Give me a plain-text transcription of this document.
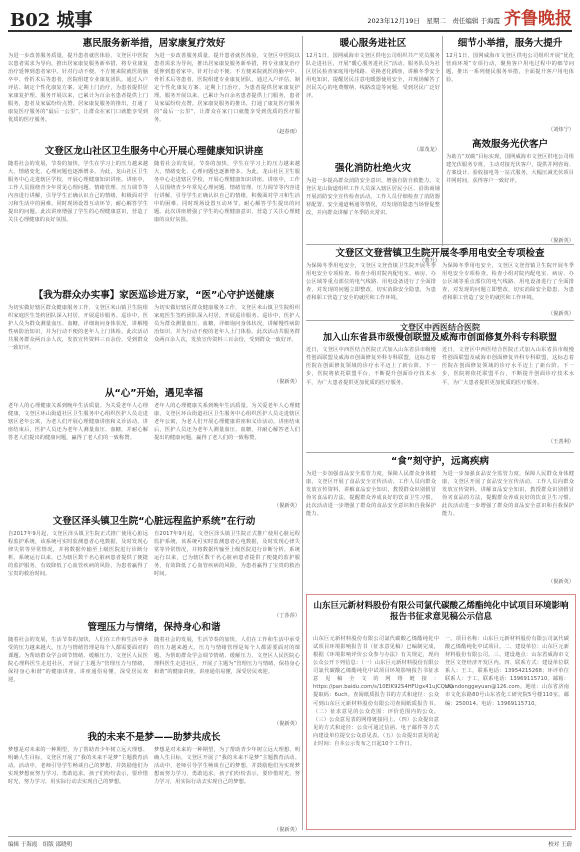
B02 城事	2023年12月19日　星期二　责任编辑 于海霞 齐鲁晚报
惠民服务新举措，居家康复疗效好
为进一步改善服务质量，提升患者就医体验，文登区中医院以患者需求为导向，推出居家康复服务新举措，将专业康复治疗延伸到患者家中。针对行动不便、不方便来院就医的脑卒中、骨折术后等患者，医院组建专业康复团队，通过入户评估、制定个性化康复方案、定期上门治疗，为患者提供居家康复护理。服务开展以来，已累计为百余名患者提供上门服务，患者及家属纷纷点赞。居家康复服务的推出，打通了康复医疗服务的“最后一公里”，让群众在家门口就能享受到优质的医疗服务。
为进一步改善服务质量，提升患者就医体验，文登区中医院以患者需求为导向，推出居家康复服务新举措，将专业康复治疗延伸到患者家中。针对行动不便、不方便来院就医的脑卒中、骨折术后等患者，医院组建专业康复团队，通过入户评估、制定个性化康复方案、定期上门治疗，为患者提供居家康复护理。服务开展以来，已累计为百余名患者提供上门服务，患者及家属纷纷点赞。居家康复服务的推出，打通了康复医疗服务的“最后一公里”，让群众在家门口就能享受到优质的医疗服务。
（赵春雨）
文登区龙山社区卫生服务中心开展心理健康知识讲座
随着社会的发展，节奏的加快，学生在学习上的压力越来越大，情绪变化、心理问题也逐渐增多。为此，龙山社区卫生服务中心走进辖区学校，开展心理健康知识讲座。讲座中，工作人员围绕青少年常见心理问题、情绪管理、压力调节等内容进行讲解，引导学生正确认识自己的情绪，积极面对学习和生活中的困难。同时现场设置互动环节，耐心解答学生提出的问题。此次讲座增强了学生的心理健康意识，营造了关注心理健康的良好氛围。
随着社会的发展，节奏的加快，学生在学习上的压力越来越大，情绪变化、心理问题也逐渐增多。为此，龙山社区卫生服务中心走进辖区学校，开展心理健康知识讲座。讲座中，工作人员围绕青少年常见心理问题、情绪管理、压力调节等内容进行讲解，引导学生正确认识自己的情绪，积极面对学习和生活中的困难。同时现场设置互动环节，耐心解答学生提出的问题。此次讲座增强了学生的心理健康意识，营造了关注心理健康的良好氛围。
【我为群众办实事】家医巡诊进万家，“医”心守护送健康
为切实做好辖区群众健康服务工作，文登区米山镇卫生院组织家庭医生签约团队深入村居，开展巡诊服务。巡诊中，医护人员为群众测量血压、血糖，详细询问身体状况，讲解慢性病防治知识，并为行动不便的老年人上门体检。此次活动共服务群众两百余人次，发放宣传资料三百余份，受到群众一致好评。
为切实做好辖区群众健康服务工作，文登区米山镇卫生院组织家庭医生签约团队深入村居，开展巡诊服务。巡诊中，医护人员为群众测量血压、血糖，详细询问身体状况，讲解慢性病防治知识，并为行动不便的老年人上门体检。此次活动共服务群众两百余人次，发放宣传资料三百余份，受到群众一致好评。
（倪新英）
从“心”开始，遇见幸福
老年人的心理健康关系到晚年生活质量。为关爱老年人心理健康，文登区环山街道社区卫生服务中心组织医护人员走进辖区老年公寓，为老人们开展心理健康讲座和义诊活动。讲座结束后，医护人员还为老年人测量血压、血糖，并耐心解答老人们提出的健康问题，赢得了老人们的一致称赞。
老年人的心理健康关系到晚年生活质量。为关爱老年人心理健康，文登区环山街道社区卫生服务中心组织医护人员走进辖区老年公寓，为老人们开展心理健康讲座和义诊活动。讲座结束后，医护人员还为老年人测量血压、血糖，并耐心解答老人们提出的健康问题，赢得了老人们的一致称赞。
（倪新英）
文登区泽头镇卫生院“心脏远程监护系统”在行动
自2017年9月起，文登区泽头镇卫生院正式推广使用心脏远程监护系统，该系统可实时监测患者心电数据，及时发现心律失常等异常情况，并将数据传输至上级医院进行诊断分析。系统运行以来，已为辖区数千名心脏病患者提供了便捷的监护服务，有效降低了心血管疾病的风险，为患者赢得了宝贵的救治时间。
自2017年9月起，文登区泽头镇卫生院正式推广使用心脏远程监护系统，该系统可实时监测患者心电数据，及时发现心律失常等异常情况，并将数据传输至上级医院进行诊断分析。系统运行以来，已为辖区数千名心脏病患者提供了便捷的监护服务，有效降低了心血管疾病的风险，为患者赢得了宝贵的救治时间。
（丁莎莎）
管理压力与情绪，保持身心和谐
随着社会的发展，生活节奏的加快，人们在工作和生活中承受的压力越来越大。压力与情绪管理是每个人都需要面对的课题。为帮助群众学会调节情绪、缓解压力，文登区人民医院心理科医生走进社区，开展了主题为“管理压力与情绪，保持身心和谐”的健康讲座。讲座通俗易懂，深受居民欢迎。
随着社会的发展，生活节奏的加快，人们在工作和生活中承受的压力越来越大。压力与情绪管理是每个人都需要面对的课题。为帮助群众学会调节情绪、缓解压力，文登区人民医院心理科医生走进社区，开展了主题为“管理压力与情绪，保持身心和谐”的健康讲座。讲座通俗易懂，深受居民欢迎。
（倪新英）
我的未来不是梦——助梦共成长
梦想是对未来的一种期望，为了帮助青少年树立远大理想、明确人生目标，文登区开展了“我的未来不是梦”主题教育活动。活动中，老师引导学生畅谈自己的梦想，并鼓励他们为实现梦想而努力学习、勇敢追求。孩子们纷纷表示，要珍惜时光，努力学习，用实际行动去实现自己的梦想。
梦想是对未来的一种期望，为了帮助青少年树立远大理想、明确人生目标，文登区开展了“我的未来不是梦”主题教育活动。活动中，老师引导学生畅谈自己的梦想，并鼓励他们为实现梦想而努力学习、勇敢追求。孩子们纷纷表示，要珍惜时光，努力学习，用实际行动去实现自己的梦想。
（倪新英）
暖心服务进社区
12月1日，国网威海市文登区供电公司组织共产党员服务队走进社区，开展“暖心服务进社区”活动。服务队员为社区居民检查家庭用电线路、更换老化插座，讲解冬季安全用电知识，提醒居民注意电暖器使用安全，并现场解答了居民关心的电费缴纳、线路改造等问题，受到居民广泛好评。
（邵茂龙）
强化消防杜绝火灾
为进一步提高群众消防安全意识，增强自防自救能力，文登区龙山街道组织工作人员深入辖区居民小区、沿街商铺开展消防安全宣传检查活动。工作人员仔细检查了消防器材配置、安全通道畅通等情况，对发现的隐患当场督促整改，并向群众讲解了冬季防火常识。
（董升）
细节小举措，服务大提升
12月1日，国网威海市文登区供电公司组织开展“优化营商环境”专项行动，聚焦客户用电过程中的细节问题，推出一系列便民服务举措，全面提升客户用电体验。
（刘炜宁）
高效服务光伏客户
为助力“双碳”目标实现，国网威海市文登区供电公司组建光伏服务专班，主动对接光伏客户，提供并网咨询、方案设计、验收接电等一站式服务，大幅压减光伏项目并网时间，获得客户一致好评。
（倪新英）
文登区文登营镇卫生院开展冬季用电安全专项检查
为保障冬季用电安全，文登区文登营镇卫生院开展冬季用电安全专项检查。检查小组对院内配电室、病房、办公区域等重点部位的电气线路、用电设备进行了全面排查，对发现的问题立即整改，切实消除安全隐患，为患者和职工营造了安全的就医和工作环境。
为保障冬季用电安全，文登区文登营镇卫生院开展冬季用电安全专项检查。检查小组对院内配电室、病房、办公区域等重点部位的电气线路、用电设备进行了全面排查，对发现的问题立即整改，切实消除安全隐患，为患者和职工营造了安全的就医和工作环境。
（倪新英）
文登区中西医结合医院
加入山东省县市级慢创联盟及威海市创面修复外科专科联盟
近日，文登区中西医结合医院正式加入山东省县市级慢性创面联盟及威海市创面修复外科专科联盟，这标志着医院在创面修复领域的诊疗水平迈上了新台阶。下一步，医院将依托联盟平台，不断提升创面诊疗技术水平，为广大患者提供更加优质的医疗服务。
近日，文登区中西医结合医院正式加入山东省县市级慢性创面联盟及威海市创面修复外科专科联盟，这标志着医院在创面修复领域的诊疗水平迈上了新台阶。下一步，医院将依托联盟平台，不断提升创面诊疗技术水平，为广大患者提供更加优质的医疗服务。
（王善利）
“食”刻守护，远离疾病
为进一步加强食品安全监管力度，保障人民群众身体健康，文登区开展了食品安全宣传活动。工作人员向群众发放宣传资料，讲解食品安全知识，教授群众识别假冒伪劣食品的方法，提醒群众养成良好的饮食卫生习惯。此次活动进一步增强了群众的食品安全意识和自我保护能力。
为进一步加强食品安全监管力度，保障人民群众身体健康，文登区开展了食品安全宣传活动。工作人员向群众发放宣传资料，讲解食品安全知识，教授群众识别假冒伪劣食品的方法，提醒群众养成良好的饮食卫生习惯。此次活动进一步增强了群众的食品安全意识和自我保护能力。
（倪新英）
山东巨元新材料股份有限公司氯代碳酸乙烯酯纯化中试项目环境影响报告书征求意见稿公示信息
山东巨元新材料股份有限公司氯代碳酸乙烯酯纯化中试项目环境影响报告书（征求意见稿）已编制完成，根据《环境影响评价公众参与办法》有关规定，现向公众公开下列信息：（一）山东巨元新材料股份有限公司氯代碳酸乙烯酯纯化中试项目环境影响报告书征求意见稿全文的网络链接：https://pan.baidu.com/s/10EIK92S4HFUgx41uJCQUQ 提取码：6uch。查阅纸质报告书的方式和途径：公众可到山东巨元新材料股份有限公司查阅纸质报告书。（二）征求意见的公众范围：评价范围内的公众。（三）公众意见表的网络链接同上。（四）公众提出意见的方式和途径：公众可通过信函、电子邮件等方式向建设单位提交公众意见表。（五）公众提出意见的起止时间：自本公示发布之日起10个工作日。
一、项目名称：山东巨元新材料股份有限公司氯代碳酸乙烯酯纯化中试项目。二、建设单位：山东巨元新材料股份有限公司。三、建设地点：山东省威海市文登区文登经济开发区内。四、联系方式：建设单位联系人：王工，联系电话：13954215268；环评单位联系人：于工，联系电话：13969115710。邮箱：shandonggeyuan@126.com。地址：山东省济南市文化东路80号山东省化工研究院5号楼110室。邮编：250014。电话：13969115710。
编辑 于海霞　组版 邵晓明	校对 王蔚
